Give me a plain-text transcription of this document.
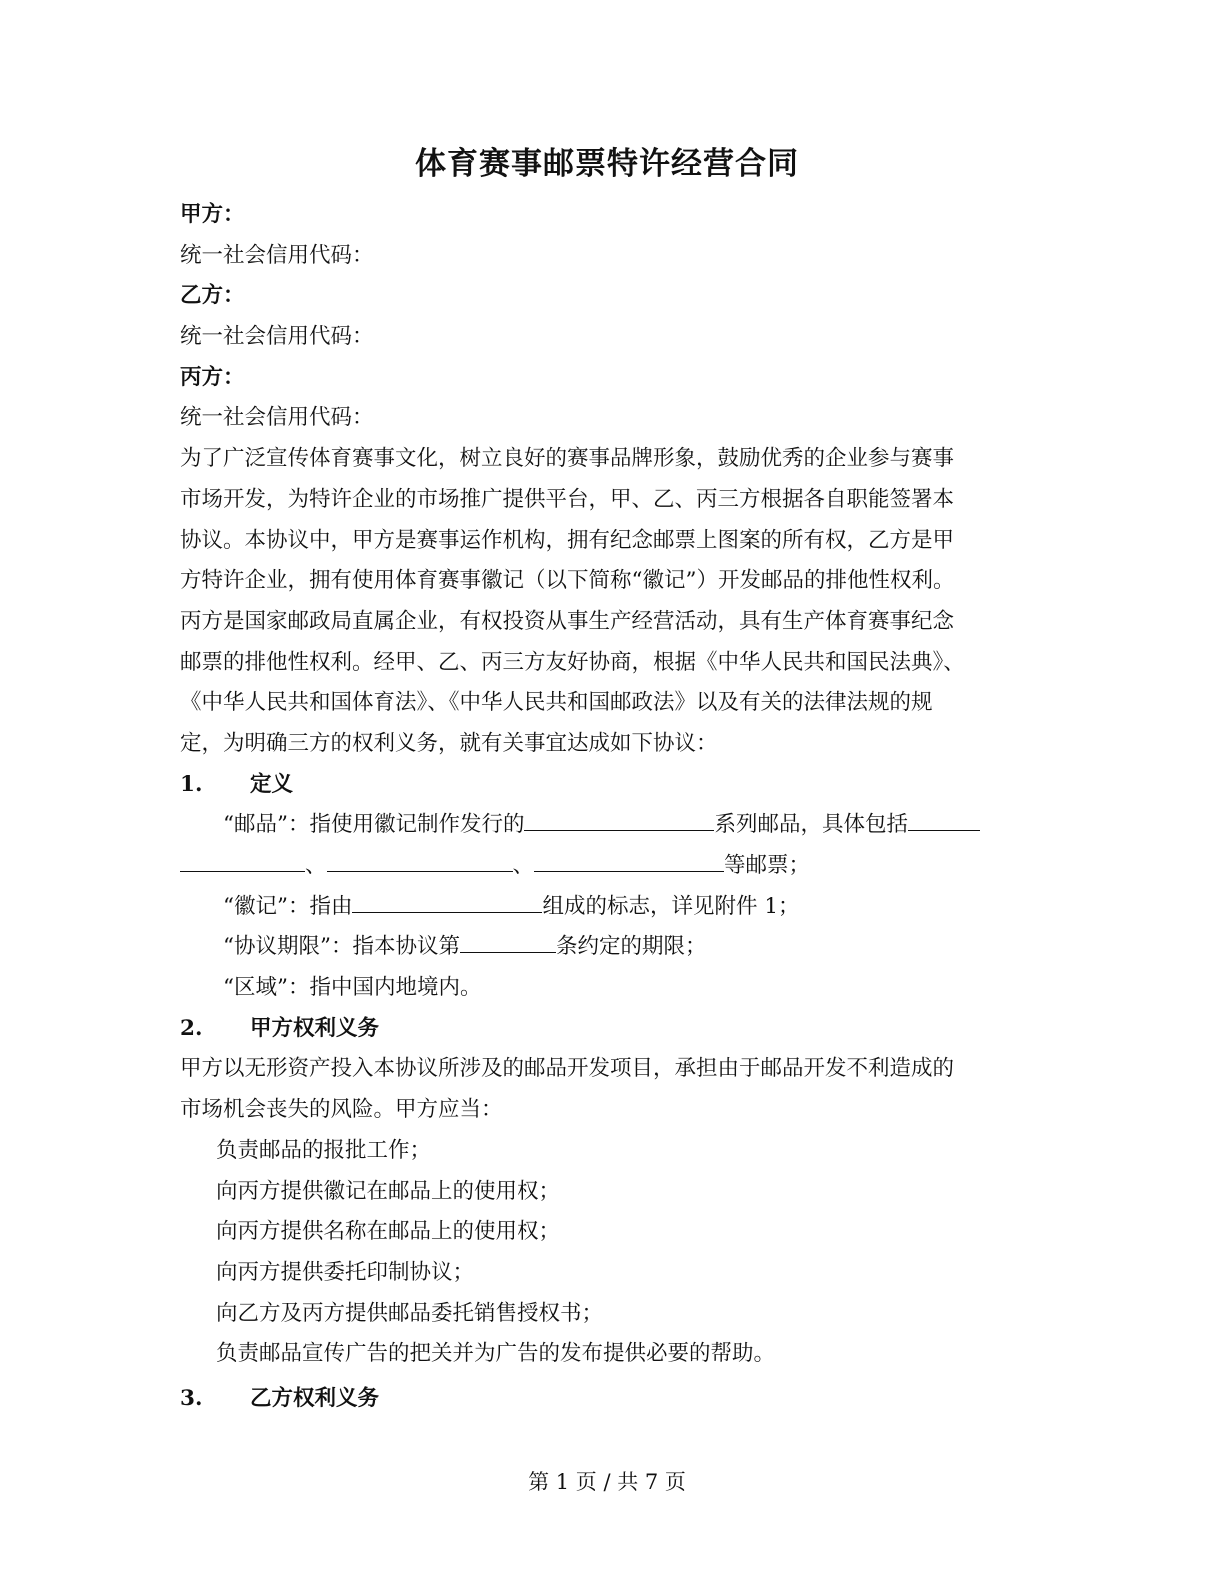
体育赛事邮票特许经营合同
甲方：
统一社会信用代码：
乙方：
统一社会信用代码：
丙方：
统一社会信用代码：
为了广泛宣传体育赛事文化，树立良好的赛事品牌形象，鼓励优秀的企业参与赛事
市场开发，为特许企业的市场推广提供平台，甲、乙、丙三方根据各自职能签署本
协议。本协议中，甲方是赛事运作机构，拥有纪念邮票上图案的所有权，乙方是甲
方特许企业，拥有使用体育赛事徽记（以下简称“徽记”）开发邮品的排他性权利。
丙方是国家邮政局直属企业，有权投资从事生产经营活动，具有生产体育赛事纪念
邮票的排他性权利。经甲、乙、丙三方友好协商，根据《中华人民共和国民法典》、
《中华人民共和国体育法》、《中华人民共和国邮政法》以及有关的法律法规的规
定，为明确三方的权利义务，就有关事宜达成如下协议：
1. 定义
“邮品”：指使用徽记制作发行的	系列邮品，具体包括
、	、	等邮票；
“徽记”：指由	组成的标志，详见附件 1；
“协议期限”：指本协议第	条约定的期限；
“区域”：指中国内地境内。
2. 甲方权利义务
甲方以无形资产投入本协议所涉及的邮品开发项目，承担由于邮品开发不利造成的
市场机会丧失的风险。甲方应当：
负责邮品的报批工作；
向丙方提供徽记在邮品上的使用权；
向丙方提供名称在邮品上的使用权；
向丙方提供委托印制协议；
向乙方及丙方提供邮品委托销售授权书；
负责邮品宣传广告的把关并为广告的发布提供必要的帮助。
3. 乙方权利义务
第 1 页 / 共 7 页
